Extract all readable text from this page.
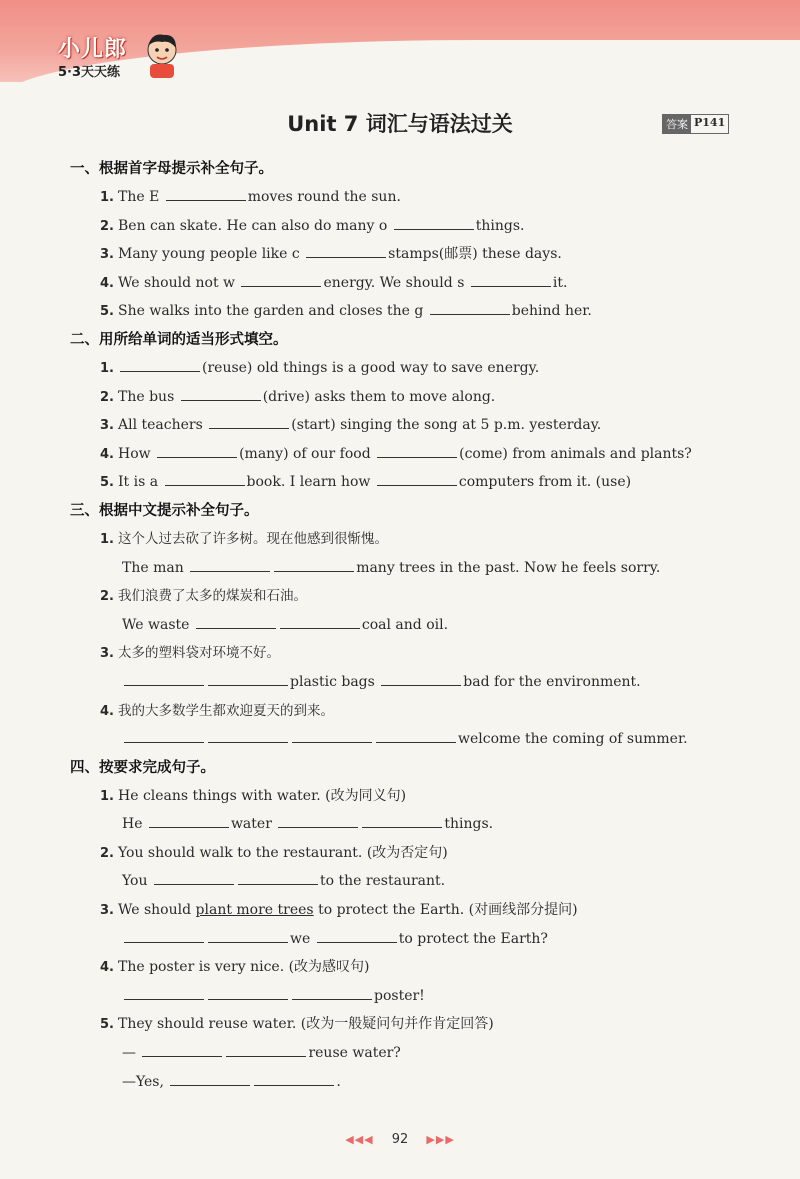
小儿郎
5·3天天练
Unit 7 词汇与语法过关	答案 P141
一、根据首字母提示补全句子。
1. The E	moves round the sun.
2. Ben can skate. He can also do many o	things.
3. Many young people like c	stamps(邮票) these days.
4. We should not w	energy. We should s	it.
5. She walks into the garden and closes the g	behind her.
二、用所给单词的适当形式填空。
1.	(reuse) old things is a good way to save energy.
2. The bus	(drive) asks them to move along.
3. All teachers	(start) singing the song at 5 p.m. yesterday.
4. How	(many) of our food	(come) from animals and plants?
5. It is a	book. I learn how	computers from it. (use)
三、根据中文提示补全句子。
1. 这个人过去砍了许多树。现在他感到很惭愧。
The man	many trees in the past. Now he feels sorry.
2. 我们浪费了太多的煤炭和石油。
We waste	coal and oil.
3. 太多的塑料袋对环境不好。
plastic bags	bad for the environment.
4. 我的大多数学生都欢迎夏天的到来。
welcome the coming of summer.
四、按要求完成句子。
1. He cleans things with water. (改为同义句)
He	water	things.
2. You should walk to the restaurant. (改为否定句)
You	to the restaurant.
3. We should plant more trees to protect the Earth. (对画线部分提问)
we	to protect the Earth?
4. The poster is very nice. (改为感叹句)
poster!
5. They should reuse water. (改为一般疑问句并作肯定回答)
—	reuse water?
—Yes,	.
◀◀◀ 92 ▶▶▶
